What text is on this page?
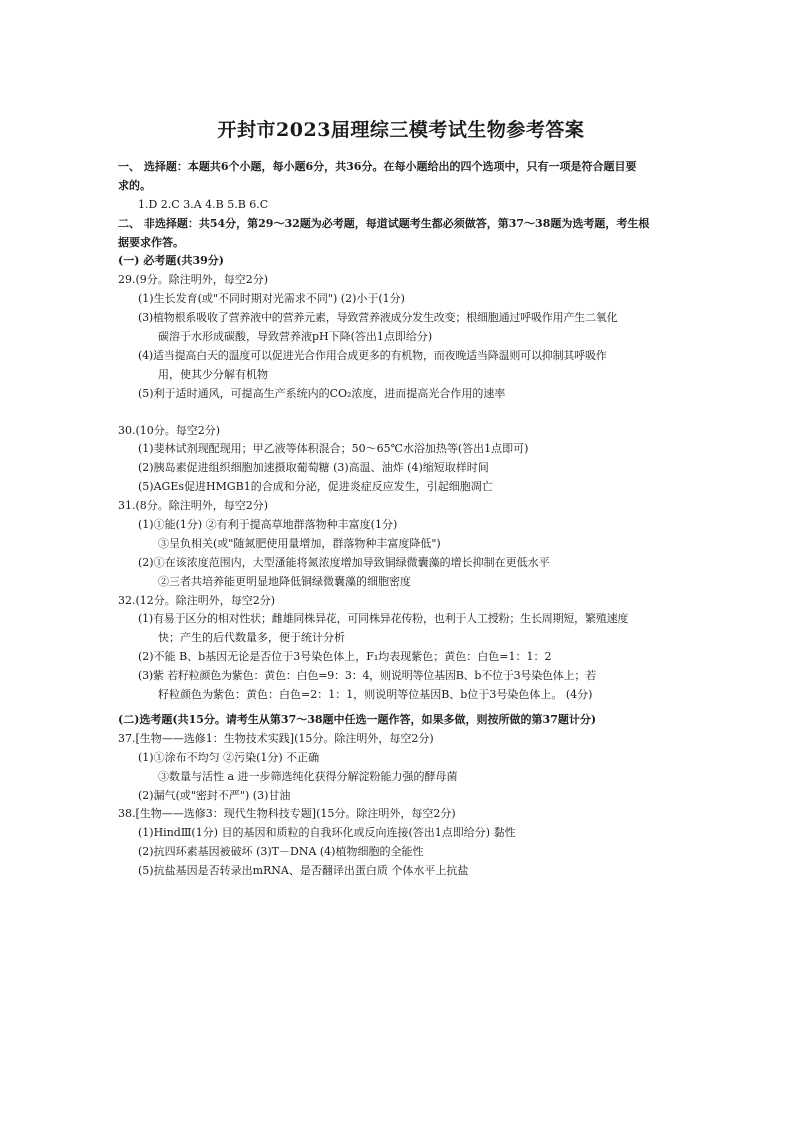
开封市2023届理综三模考试生物参考答案
一、 选择题：本题共6个小题，每小题6分，共36分。在每小题给出的四个选项中，只有一项是符合题目要
求的。
1.D 2.C 3.A 4.B 5.B 6.C
二、 非选择题：共54分，第29～32题为必考题，每道试题考生都必须做答，第37～38题为选考题，考生根
据要求作答。
(一) 必考题(共39分)
29.(9分。除注明外，每空2分)
(1)生长发育(或"不同时期对光需求不同") (2)小于(1分)
(3)植物根系吸收了营养液中的营养元素，导致营养液成分发生改变；根细胞通过呼吸作用产生二氧化
碳溶于水形成碳酸，导致营养液pH下降(答出1点即给分)
(4)适当提高白天的温度可以促进光合作用合成更多的有机物，而夜晚适当降温则可以抑制其呼吸作
用，使其少分解有机物
(5)利于适时通风，可提高生产系统内的CO₂浓度，进而提高光合作用的速率
30.(10分。每空2分)
(1)斐林试剂现配现用；甲乙液等体积混合；50～65℃水浴加热等(答出1点即可)
(2)胰岛素促进组织细胞加速摄取葡萄糖 (3)高温、油炸 (4)缩短取样时间
(5)AGEs促进HMGB1的合成和分泌，促进炎症反应发生，引起细胞凋亡
31.(8分。除注明外，每空2分)
(1)①能(1分) ②有利于提高草地群落物种丰富度(1分)
③呈负相关(或"随氮肥使用量增加，群落物种丰富度降低")
(2)①在该浓度范围内，大型溞能将氮浓度增加导致铜绿微囊藻的增长抑制在更低水平
②三者共培养能更明显地降低铜绿微囊藻的细胞密度
32.(12分。除注明外，每空2分)
(1)有易于区分的相对性状；雌雄同株异花，可同株异花传粉，也利于人工授粉；生长周期短，繁殖速度
快；产生的后代数量多，便于统计分析
(2)不能 B、b基因无论是否位于3号染色体上，F₁均表现紫色；黄色：白色=1：1：2
(3)紫 若籽粒颜色为紫色：黄色：白色=9：3：4，则说明等位基因B、b不位于3号染色体上；若
籽粒颜色为紫色：黄色：白色=2：1：1，则说明等位基因B、b位于3号染色体上。 (4分)
(二)选考题(共15分。请考生从第37～38题中任选一题作答，如果多做，则按所做的第37题计分)
37.[生物——选修1：生物技术实践](15分。除注明外，每空2分)
(1)①涂布不均匀 ②污染(1分) 不正确
③数量与活性 a 进一步筛选纯化获得分解淀粉能力强的酵母菌
(2)漏气(或"密封不严") (3)甘油
38.[生物——选修3：现代生物科技专题](15分。除注明外，每空2分)
(1)HindⅢ(1分) 目的基因和质粒的自我环化或反向连接(答出1点即给分) 黏性
(2)抗四环素基因被破坏 (3)T－DNA (4)植物细胞的全能性
(5)抗盐基因是否转录出mRNA、是否翻译出蛋白质 个体水平上抗盐
